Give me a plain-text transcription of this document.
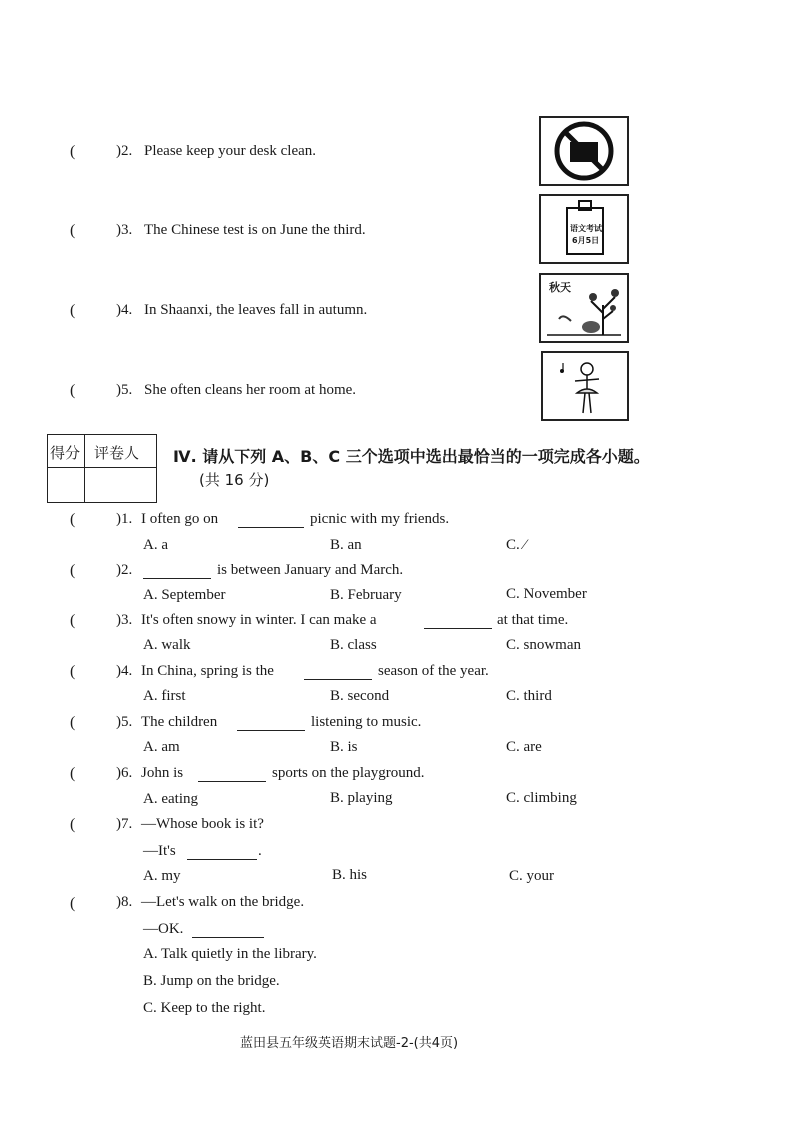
(	)2. Please keep your desk clean.
(	)3. The Chinese test is on June the third.
(	)4. In Shaanxi, the leaves fall in autumn.
(	)5. She often cleans her room at home.
语文考试
6月5日
秋天
得分 评卷人 Ⅳ. 请从下列 A、B、C 三个选项中选出最恰当的一项完成各小题。
(共 16 分)
(	)1. I often go on	picnic with my friends.
A. a	B. an	C. ⁄
(	)2.	is between January and March.
A. September	B. February	C. November
(	)3. It's often snowy in winter. I can make a	at that time.
A. walk	B. class	C. snowman
(	)4. In China, spring is the	season of the year.
A. first	B. second	C. third
(	)5. The children	listening to music.
A. am	B. is	C. are
(	)6. John is	sports on the playground.
A. eating	B. playing	C. climbing
(	)7. —Whose book is it?
—It's	.
A. my	B. his	C. your
(	)8. —Let's walk on the bridge.
—OK.
A. Talk quietly in the library.
B. Jump on the bridge.
C. Keep to the right.
蓝田县五年级英语期末试题-2-(共4页)
